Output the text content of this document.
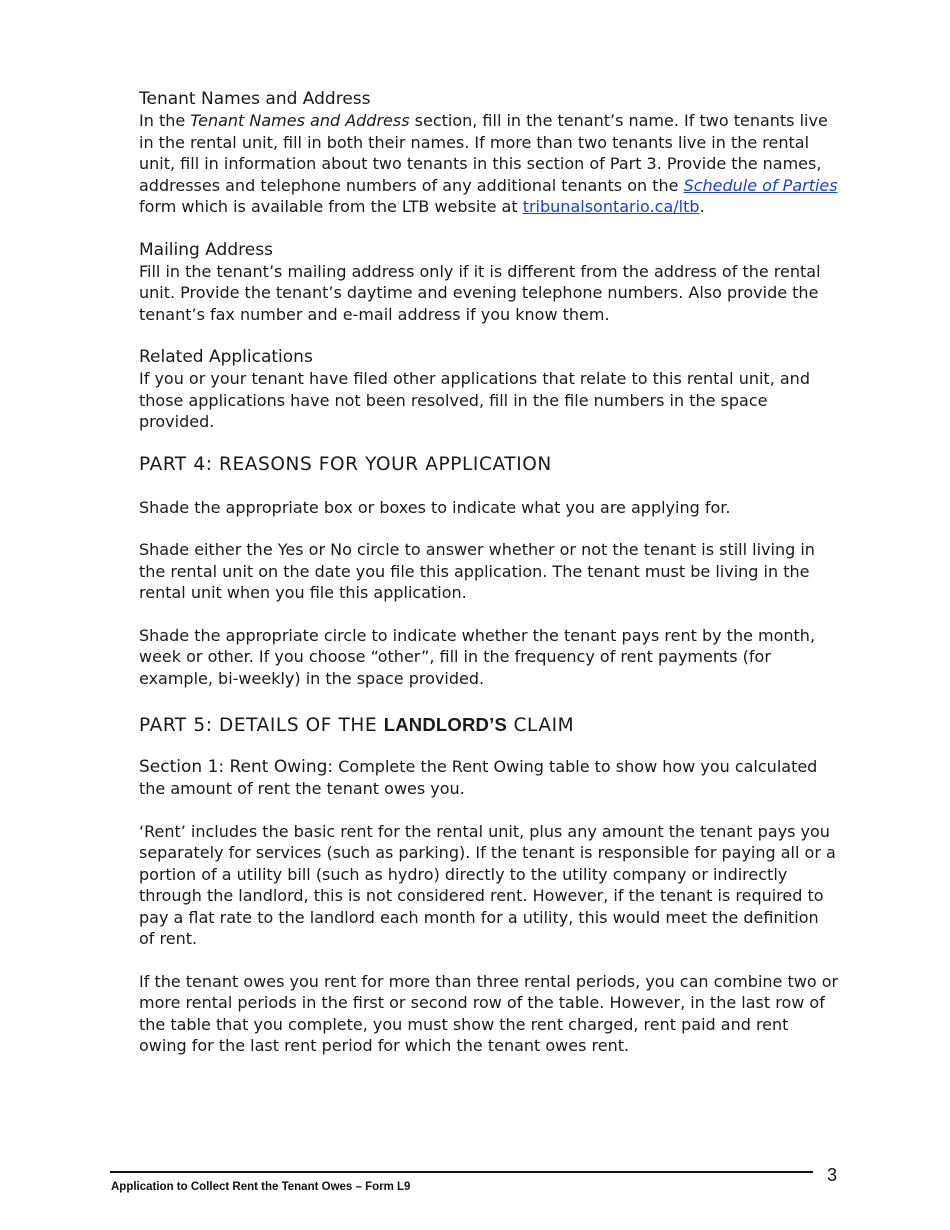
Tenant Names and Address

In the Tenant Names and Address section, fill in the tenant’s name. If two tenants live in the rental unit, fill in both their names. If more than two tenants live in the rental unit, fill in information about two tenants in this section of Part 3. Provide the names, addresses and telephone numbers of any additional tenants on the Schedule of Parties form which is available from the LTB website at tribunalsontario.ca/ltb.

Mailing Address

Fill in the tenant’s mailing address only if it is different from the address of the rental unit. Provide the tenant’s daytime and evening telephone numbers. Also provide the tenant’s fax number and e-mail address if you know them.

Related Applications

If you or your tenant have filed other applications that relate to this rental unit, and those applications have not been resolved, fill in the file numbers in the space provided.

PART 4: REASONS FOR YOUR APPLICATION

Shade the appropriate box or boxes to indicate what you are applying for.

Shade either the Yes or No circle to answer whether or not the tenant is still living in the rental unit on the date you file this application. The tenant must be living in the rental unit when you file this application.

Shade the appropriate circle to indicate whether the tenant pays rent by the month, week or other. If you choose “other”, fill in the frequency of rent payments (for example, bi-weekly) in the space provided.

PART 5: DETAILS OF THE LANDLORD’S CLAIM

Section 1: Rent Owing: Complete the Rent Owing table to show how you calculated the amount of rent the tenant owes you.

‘Rent’ includes the basic rent for the rental unit, plus any amount the tenant pays you separately for services (such as parking). If the tenant is responsible for paying all or a portion of a utility bill (such as hydro) directly to the utility company or indirectly through the landlord, this is not considered rent. However, if the tenant is required to pay a flat rate to the landlord each month for a utility, this would meet the definition of rent.

If the tenant owes you rent for more than three rental periods, you can combine two or more rental periods in the first or second row of the table. However, in the last row of the table that you complete, you must show the rent charged, rent paid and rent owing for the last rent period for which the tenant owes rent.

Application to Collect Rent the Tenant Owes – Form L9
3
